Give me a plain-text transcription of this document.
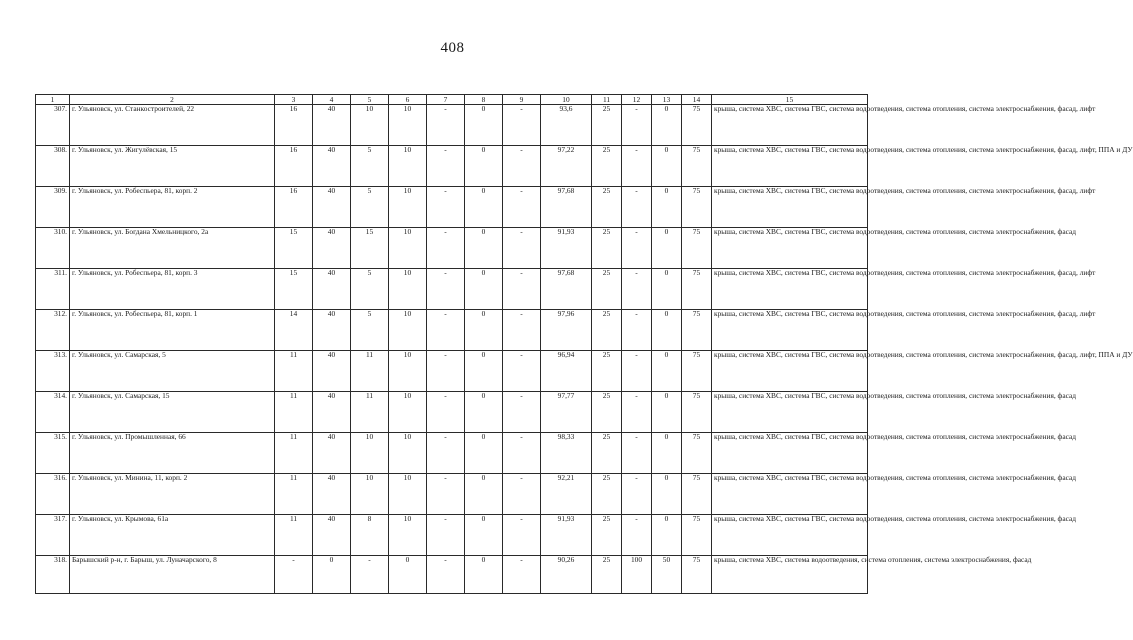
408
1	2	3	4	5	6	7	8	9	10	11	12	13	14	15
307.	г. Ульяновск, ул. Станкостроителей, 22	16	40	10	10	-	0	-	93,6	25	-	0	75	крыша, система ХВС, система ГВС, система водоотведения, система отопления, система электроснабжения, фасад, лифт
308.	г. Ульяновск, ул. Жигулёвская, 15	16	40	5	10	-	0	-	97,22	25	-	0	75	крыша, система ХВС, система ГВС, система водоотведения, система отопления, система электроснабжения, фасад, лифт, ППА и ДУ
309.	г. Ульяновск, ул. Робеспьера, 81, корп. 2	16	40	5	10	-	0	-	97,68	25	-	0	75	крыша, система ХВС, система ГВС, система водоотведения, система отопления, система электроснабжения, фасад, лифт
310.	г. Ульяновск, ул. Богдана Хмельницкого, 2а	15	40	15	10	-	0	-	91,93	25	-	0	75	крыша, система ХВС, система ГВС, система водоотведения, система отопления, система электроснабжения, фасад
311.	г. Ульяновск, ул. Робеспьера, 81, корп. 3	15	40	5	10	-	0	-	97,68	25	-	0	75	крыша, система ХВС, система ГВС, система водоотведения, система отопления, система электроснабжения, фасад, лифт
312.	г. Ульяновск, ул. Робеспьера, 81, корп. 1	14	40	5	10	-	0	-	97,96	25	-	0	75	крыша, система ХВС, система ГВС, система водоотведения, система отопления, система электроснабжения, фасад, лифт
313.	г. Ульяновск, ул. Самарская, 5	11	40	11	10	-	0	-	96,94	25	-	0	75	крыша, система ХВС, система ГВС, система водоотведения, система отопления, система электроснабжения, фасад, лифт, ППА и ДУ
314.	г. Ульяновск, ул. Самарская, 15	11	40	11	10	-	0	-	97,77	25	-	0	75	крыша, система ХВС, система ГВС, система водоотведения, система отопления, система электроснабжения, фасад
315.	г. Ульяновск, ул. Промышленная, 66	11	40	10	10	-	0	-	98,33	25	-	0	75	крыша, система ХВС, система ГВС, система водоотведения, система отопления, система электроснабжения, фасад
316.	г. Ульяновск, ул. Минина, 11, корп. 2	11	40	10	10	-	0	-	92,21	25	-	0	75	крыша, система ХВС, система ГВС, система водоотведения, система отопления, система электроснабжения, фасад
317.	г. Ульяновск, ул. Крымова, 61а	11	40	8	10	-	0	-	91,93	25	-	0	75	крыша, система ХВС, система ГВС, система водоотведения, система отопления, система электроснабжения, фасад
318.	Барышский р-н, г. Барыш, ул. Луначарского, 8	-	0	-	0	-	0	-	90,26	25	100	50	75	крыша, система ХВС, система водоотведения, система отопления, система электроснабжения, фасад
